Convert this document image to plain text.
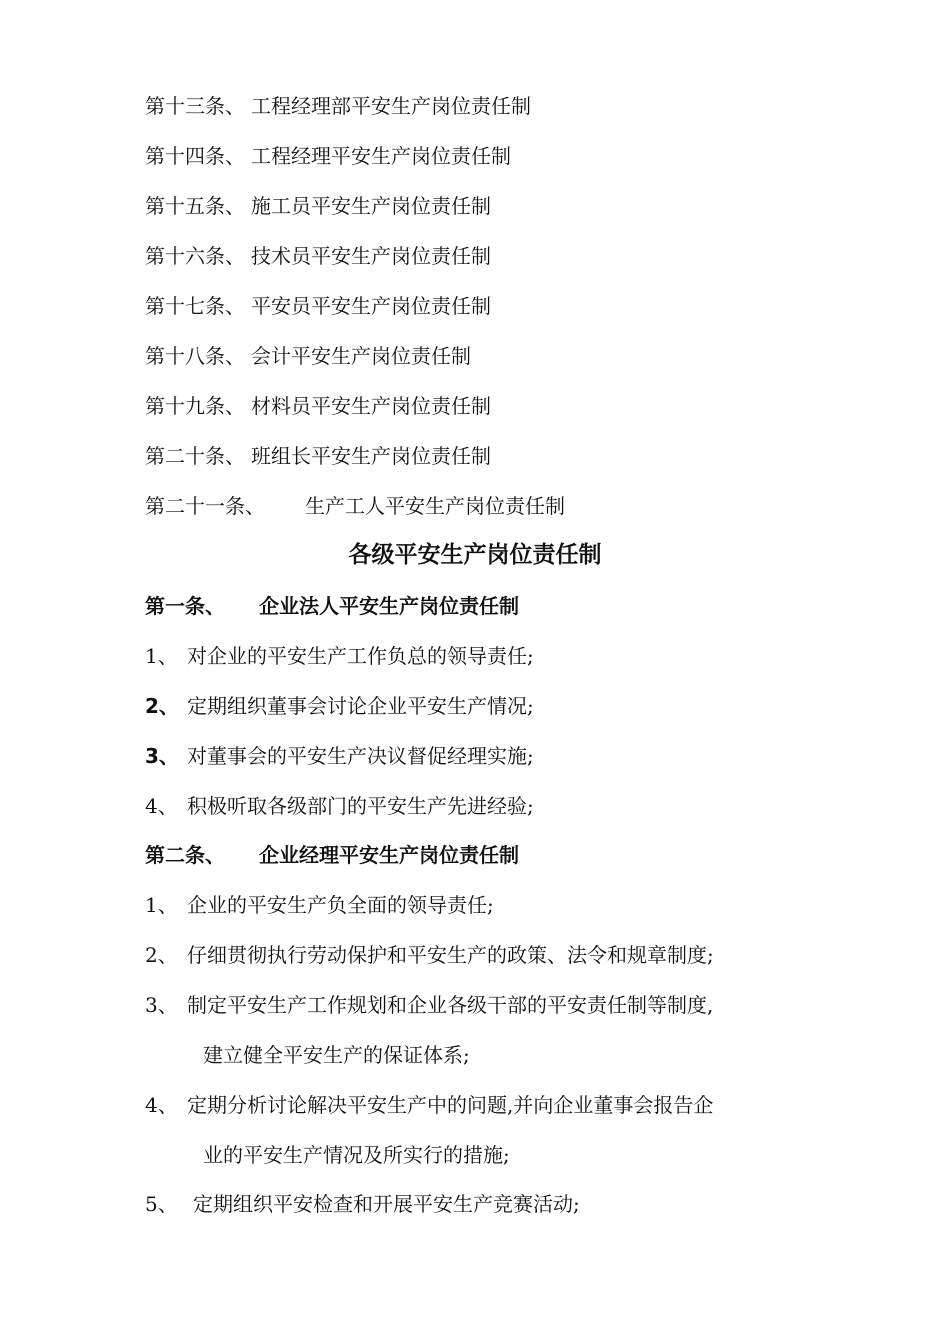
第十三条、 工程经理部平安生产岗位责任制
第十四条、 工程经理平安生产岗位责任制
第十五条、 施工员平安生产岗位责任制
第十六条、 技术员平安生产岗位责任制
第十七条、 平安员平安生产岗位责任制
第十八条、 会计平安生产岗位责任制
第十九条、 材料员平安生产岗位责任制
第二十条、 班组长平安生产岗位责任制
第二十一条、 生产工人平安生产岗位责任制
各级平安生产岗位责任制
第一条、 企业法人平安生产岗位责任制
1、 对企业的平安生产工作负总的领导责任;
2、 定期组织董事会讨论企业平安生产情况;
3、 对董事会的平安生产决议督促经理实施;
4、 积极听取各级部门的平安生产先进经验;
第二条、 企业经理平安生产岗位责任制
1、 企业的平安生产负全面的领导责任;
2、 仔细贯彻执行劳动保护和平安生产的政策、法令和规章制度;
3、 制定平安生产工作规划和企业各级干部的平安责任制等制度,
建立健全平安生产的保证体系;
4、 定期分析讨论解决平安生产中的问题,并向企业董事会报告企
业的平安生产情况及所实行的措施;
5、 定期组织平安检查和开展平安生产竞赛活动;
